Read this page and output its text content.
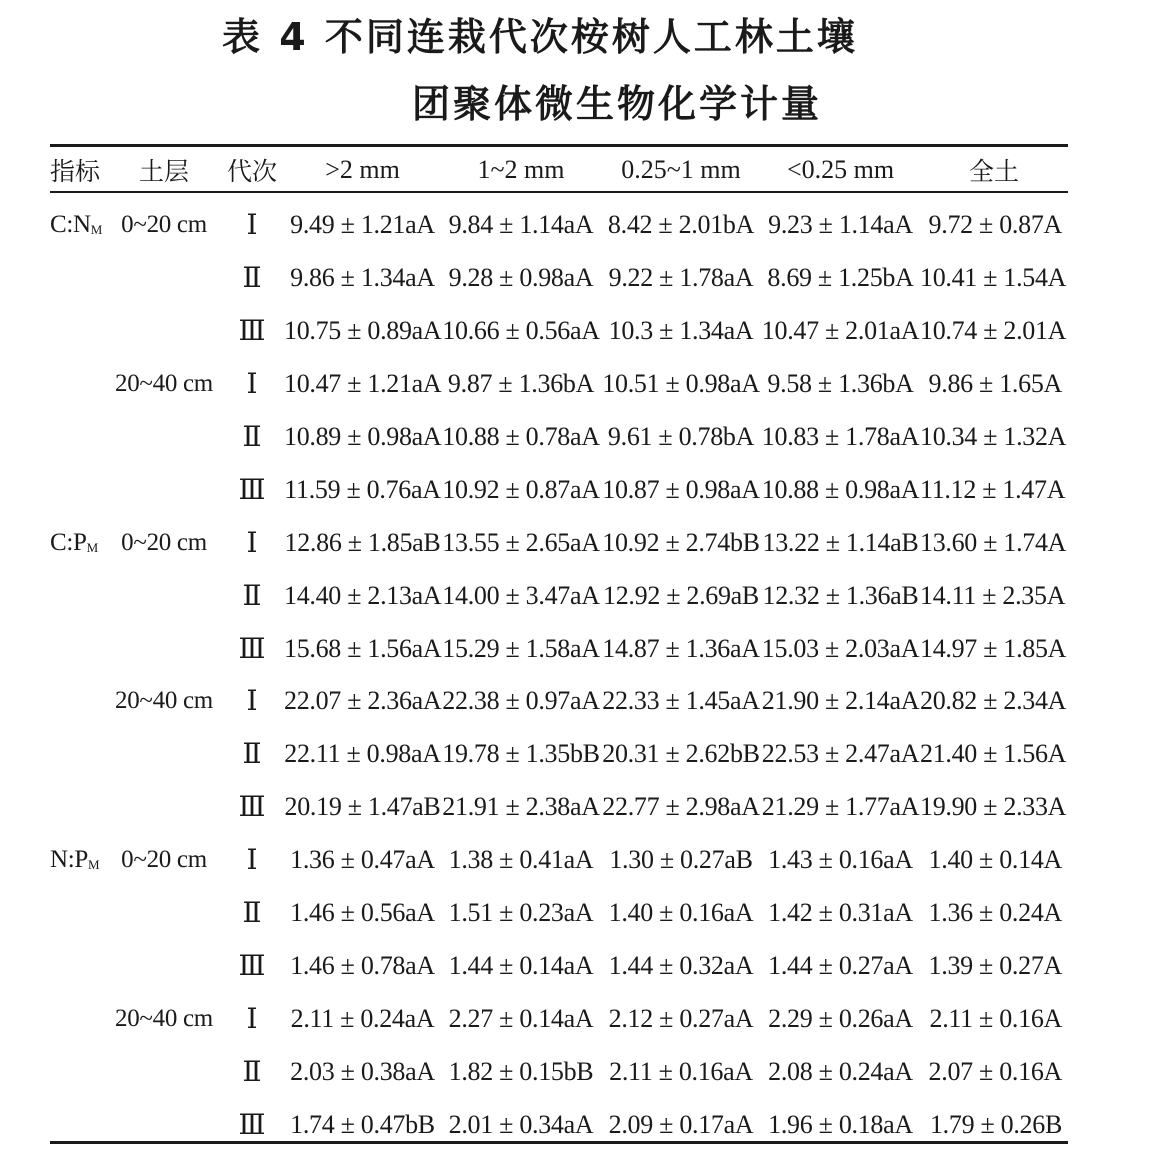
表 4 不同连栽代次桉树人工林土壤
团聚体微生物化学计量
指标	土层	代次	>2 mm	1~2 mm	0.25~1 mm	<0.25 mm	全土
$C:N_M$	0~20 cm	Ⅰ	9.49 ± 1.21aA	9.84 ± 1.14aA	8.42 ± 2.01bA	9.23 ± 1.14aA	9.72 ± 0.87A
		Ⅱ	9.86 ± 1.34aA	9.28 ± 0.98aA	9.22 ± 1.78aA	8.69 ± 1.25bA	10.41 ± 1.54A
		Ⅲ	10.75 ± 0.89aA	10.66 ± 0.56aA	10.3 ± 1.34aA	10.47 ± 2.01aA	10.74 ± 2.01A
	20~40 cm	Ⅰ	10.47 ± 1.21aA	9.87 ± 1.36bA	10.51 ± 0.98aA	9.58 ± 1.36bA	9.86 ± 1.65A
		Ⅱ	10.89 ± 0.98aA	10.88 ± 0.78aA	9.61 ± 0.78bA	10.83 ± 1.78aA	10.34 ± 1.32A
		Ⅲ	11.59 ± 0.76aA	10.92 ± 0.87aA	10.87 ± 0.98aA	10.88 ± 0.98aA	11.12 ± 1.47A
$C:P_M$	0~20 cm	Ⅰ	12.86 ± 1.85aB	13.55 ± 2.65aA	10.92 ± 2.74bB	13.22 ± 1.14aB	13.60 ± 1.74A
		Ⅱ	14.40 ± 2.13aA	14.00 ± 3.47aA	12.92 ± 2.69aB	12.32 ± 1.36aB	14.11 ± 2.35A
		Ⅲ	15.68 ± 1.56aA	15.29 ± 1.58aA	14.87 ± 1.36aA	15.03 ± 2.03aA	14.97 ± 1.85A
	20~40 cm	Ⅰ	22.07 ± 2.36aA	22.38 ± 0.97aA	22.33 ± 1.45aA	21.90 ± 2.14aA	20.82 ± 2.34A
		Ⅱ	22.11 ± 0.98aA	19.78 ± 1.35bB	20.31 ± 2.62bB	22.53 ± 2.47aA	21.40 ± 1.56A
		Ⅲ	20.19 ± 1.47aB	21.91 ± 2.38aA	22.77 ± 2.98aA	21.29 ± 1.77aA	19.90 ± 2.33A
$N:P_M$	0~20 cm	Ⅰ	1.36 ± 0.47aA	1.38 ± 0.41aA	1.30 ± 0.27aB	1.43 ± 0.16aA	1.40 ± 0.14A
		Ⅱ	1.46 ± 0.56aA	1.51 ± 0.23aA	1.40 ± 0.16aA	1.42 ± 0.31aA	1.36 ± 0.24A
		Ⅲ	1.46 ± 0.78aA	1.44 ± 0.14aA	1.44 ± 0.32aA	1.44 ± 0.27aA	1.39 ± 0.27A
	20~40 cm	Ⅰ	2.11 ± 0.24aA	2.27 ± 0.14aA	2.12 ± 0.27aA	2.29 ± 0.26aA	2.11 ± 0.16A
		Ⅱ	2.03 ± 0.38aA	1.82 ± 0.15bB	2.11 ± 0.16aA	2.08 ± 0.24aA	2.07 ± 0.16A
		Ⅲ	1.74 ± 0.47bB	2.01 ± 0.34aA	2.09 ± 0.17aA	1.96 ± 0.18aA	1.79 ± 0.26B
